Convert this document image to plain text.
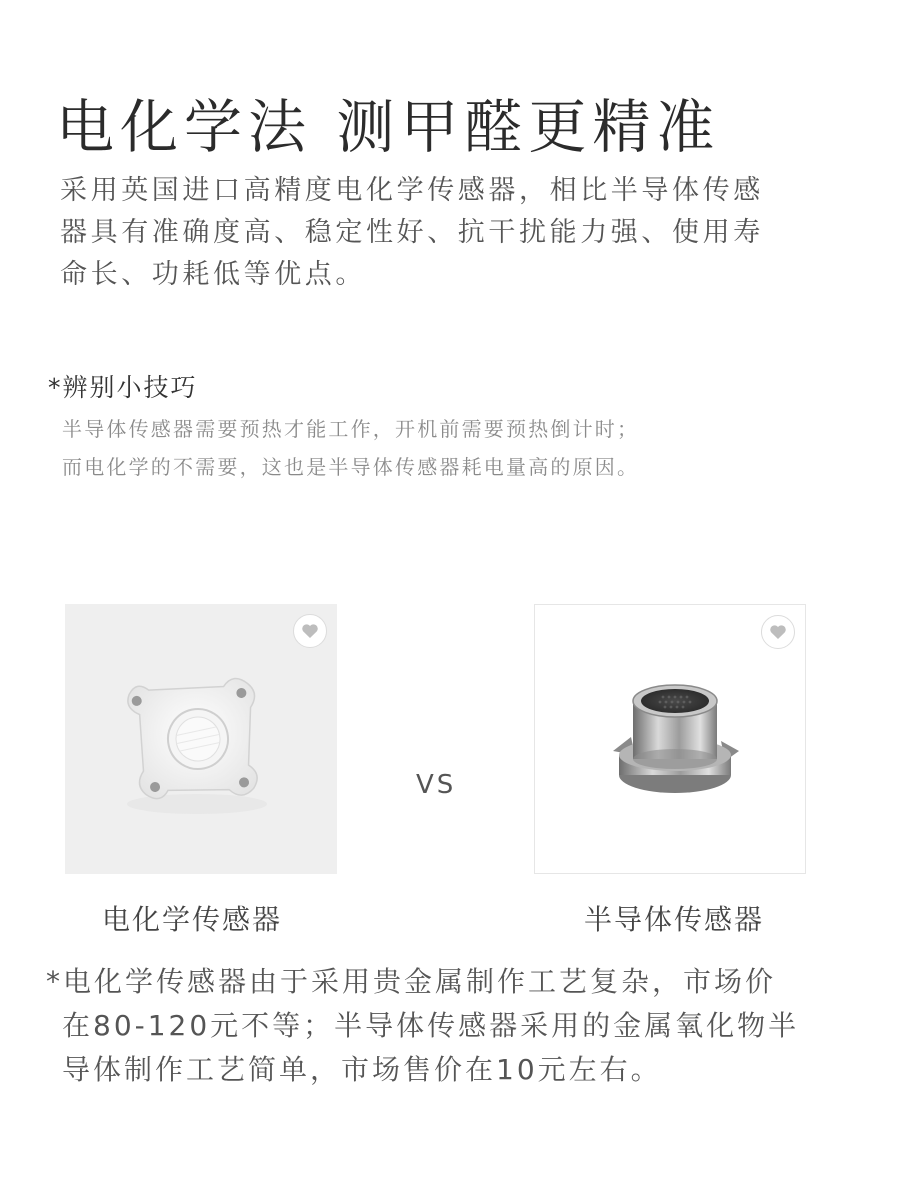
电化学法 测甲醛更精准
采用英国进口高精度电化学传感器，相比半导体传感
器具有准确度高、稳定性好、抗干扰能力强、使用寿
命长、功耗低等优点。
*辨别小技巧
半导体传感器需要预热才能工作，开机前需要预热倒计时；
而电化学的不需要，这也是半导体传感器耗电量高的原因。
VS
电化学传感器	半导体传感器
*电化学传感器由于采用贵金属制作工艺复杂，市场价
在80-120元不等；半导体传感器采用的金属氧化物半
导体制作工艺简单，市场售价在10元左右。
